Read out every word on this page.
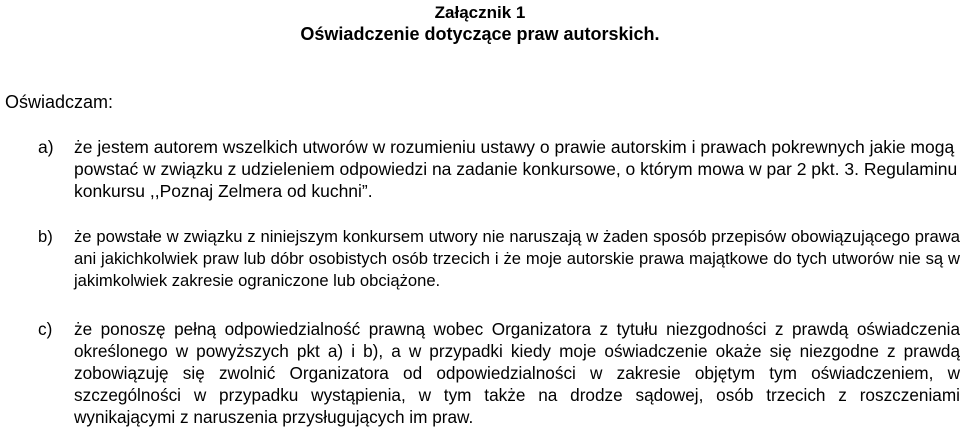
Załącznik 1
Oświadczenie dotyczące praw autorskich.
Oświadczam:
a)	że jestem autorem wszelkich utworów w rozumieniu ustawy o prawie autorskim i prawach pokrewnych jakie mogą powstać w związku z udzieleniem odpowiedzi na zadanie konkursowe, o którym mowa w par 2 pkt. 3. Regulaminu konkursu ,,Poznaj Zelmera od kuchni”.
b)	że powstałe w związku z niniejszym konkursem utwory nie naruszają w żaden sposób przepisów obowiązującego prawa ani jakichkolwiek praw lub dóbr osobistych osób trzecich i że moje autorskie prawa majątkowe do tych utworów nie są w jakimkolwiek zakresie ograniczone lub obciążone.
c)	że ponoszę pełną odpowiedzialność prawną wobec Organizatora z tytułu niezgodności z prawdą oświadczenia określonego w powyższych pkt a) i b), a w przypadki kiedy moje oświadczenie okaże się niezgodne z prawdą zobowiązuję się zwolnić Organizatora od odpowiedzialności w zakresie objętym tym oświadczeniem, w szczególności w przypadku wystąpienia, w tym także na drodze sądowej, osób trzecich z roszczeniami wynikającymi z naruszenia przysługujących im praw.
